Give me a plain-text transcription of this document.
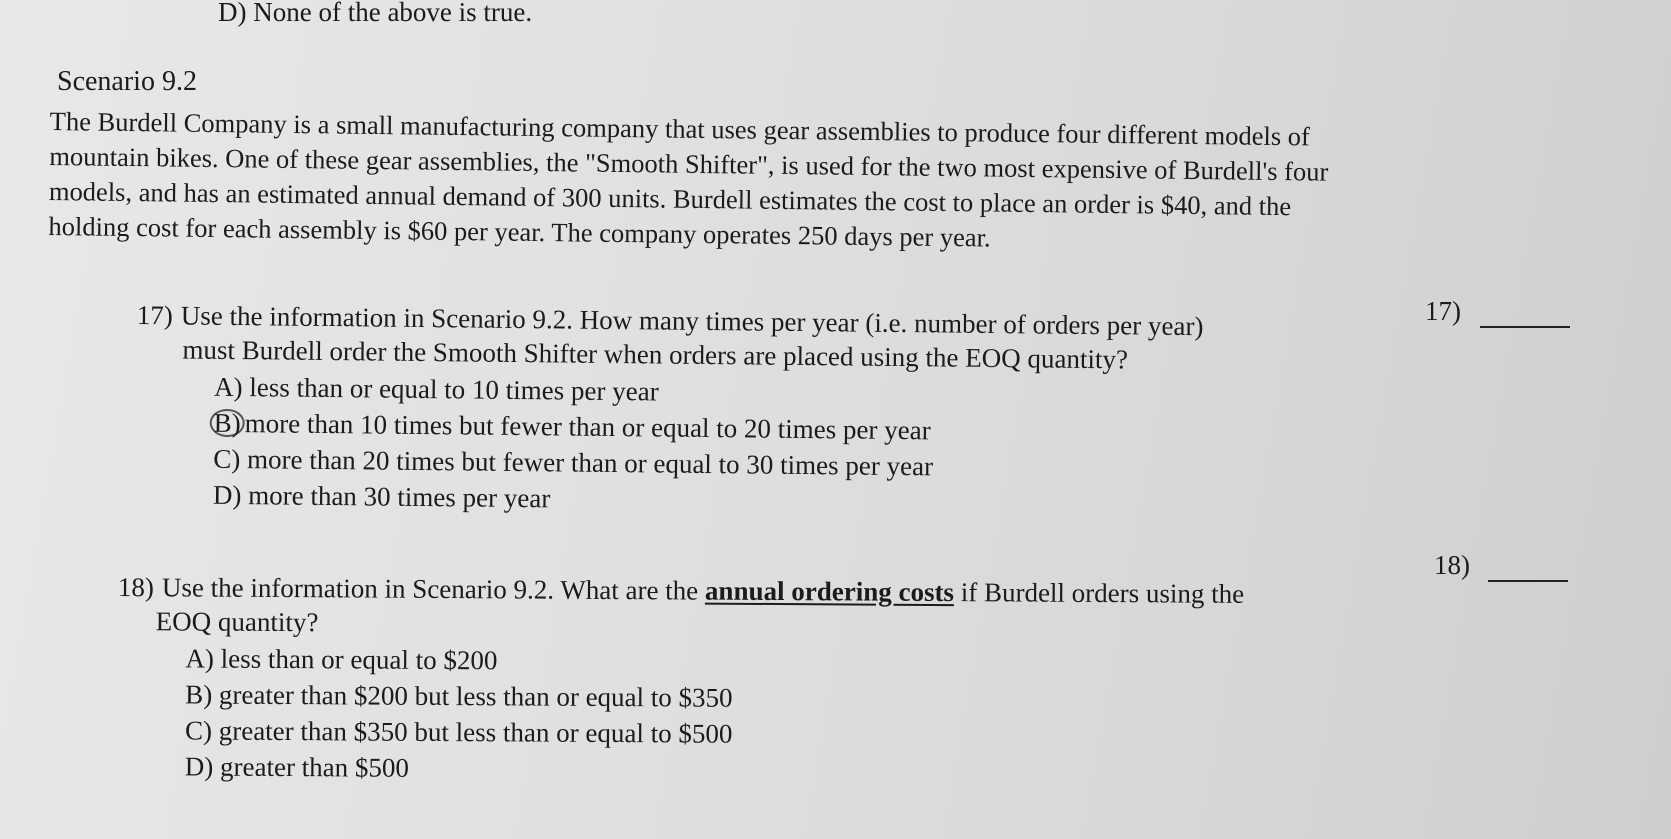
D) None of the above is true.
Scenario 9.2
The Burdell Company is a small manufacturing company that uses gear assemblies to produce four different models of
mountain bikes. One of these gear assemblies, the "Smooth Shifter", is used for the two most expensive of Burdell's four
models, and has an estimated annual demand of 300 units. Burdell estimates the cost to place an order is $40, and the
holding cost for each assembly is $60 per year. The company operates 250 days per year.
17) Use the information in Scenario 9.2. How many times per year (i.e. number of orders per year)
must Burdell order the Smooth Shifter when orders are placed using the EOQ quantity?
A) less than or equal to 10 times per year
B) more than 10 times but fewer than or equal to 20 times per year
C) more than 20 times but fewer than or equal to 30 times per year
D) more than 30 times per year
17)
18) Use the information in Scenario 9.2. What are the annual ordering costs if Burdell orders using the
EOQ quantity?
A) less than or equal to $200
B) greater than $200 but less than or equal to $350
C) greater than $350 but less than or equal to $500
D) greater than $500
18)
